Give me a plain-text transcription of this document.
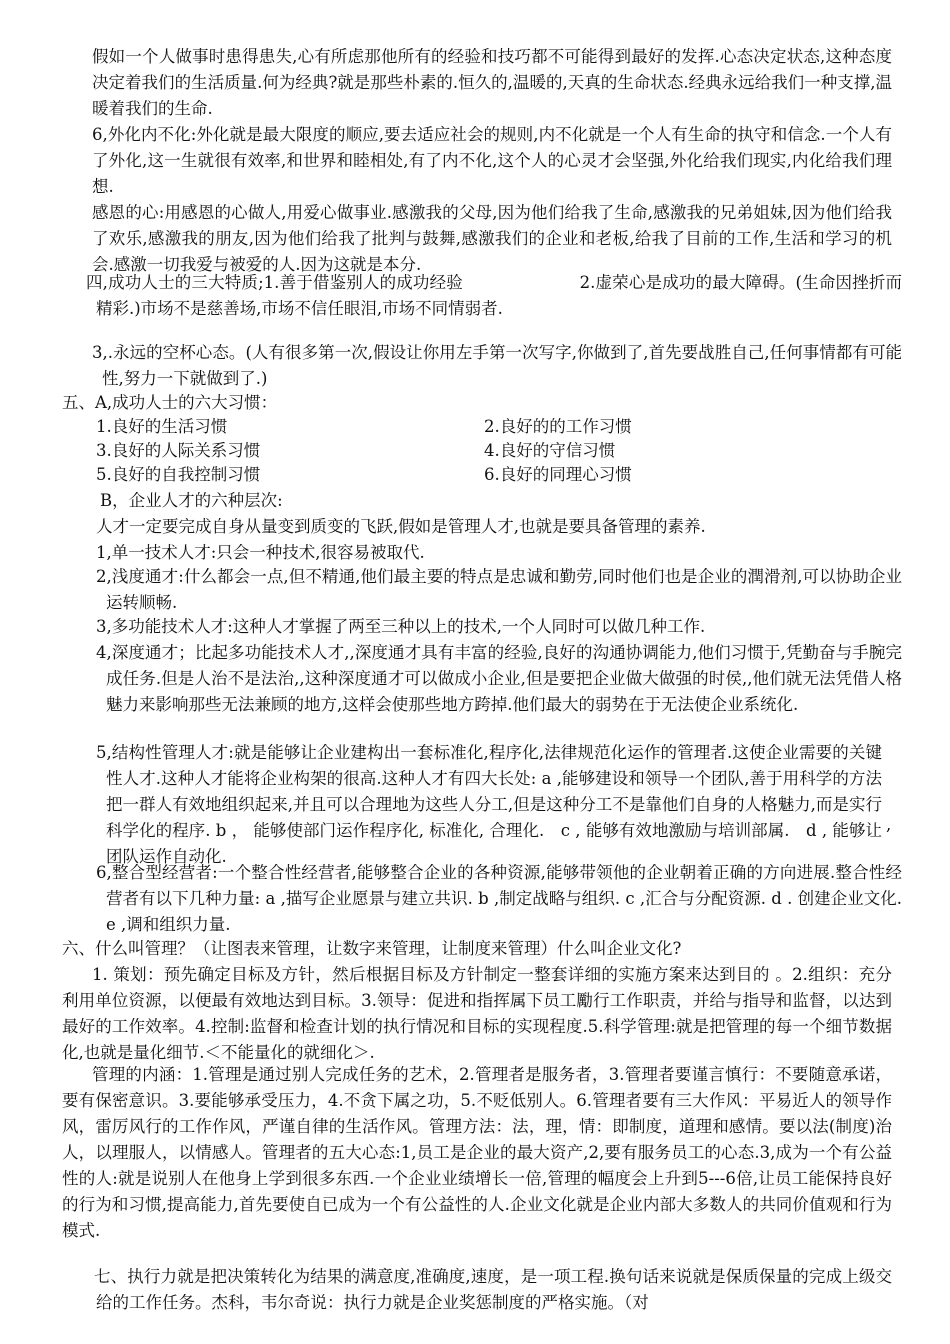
假如一个人做事时患得患失,心有所虑那他所有的经验和技巧都不可能得到最好的发挥.心态决定状态,这种态度决定着我们的生活质量.何为经典?就是那些朴素的.恒久的,温暖的,天真的生命状态.经典永远给我们一种支撑,温暖着我们的生命.

6,外化内不化:外化就是最大限度的顺应,要去适应社会的规则,内不化就是一个人有生命的执守和信念.一个人有了外化,这一生就很有效率,和世界和睦相处,有了内不化,这个人的心灵才会坚强,外化给我们现实,内化给我们理想.

感恩的心:用感恩的心做人,用爱心做事业.感激我的父母,因为他们给我了生命,感激我的兄弟姐妹,因为他们给我了欢乐,感激我的朋友,因为他们给我了批判与鼓舞,感激我们的企业和老板,给我了目前的工作,生活和学习的机会.感激一切我爱与被爱的人.因为这就是本分.

四,成功人士的三大特质;1.善于借鉴别人的成功经验　　　　　　　2.虚荣心是成功的最大障碍。(生命因挫折而精彩.)市场不是慈善场,市场不信任眼泪,市场不同情弱者.

3,.永远的空杯心态。(人有很多第一次,假设让你用左手第一次写字,你做到了,首先要战胜自己,任何事情都有可能性,努力一下就做到了.)

五、A,成功人士的六大习惯：
1.良好的生活习惯	2.良好的的工作习惯
3.良好的人际关系习惯	4.良好的守信习惯
5.良好的自我控制习惯	6.良好的同理心习惯
B，企业人才的六种层次:
人才一定要完成自身从量变到质变的飞跃,假如是管理人才,也就是要具备管理的素养.
1,单一技术人才:只会一种技术,很容易被取代.

2,浅度通才:什么都会一点,但不精通,他们最主要的特点是忠诚和勤劳,同时他们也是企业的潤滑剂,可以协助企业运转顺畅.

3,多功能技术人才:这种人才掌握了两至三种以上的技术,一个人同时可以做几种工作.

4,深度通才；比起多功能技术人才,,深度通才具有丰富的经验,良好的沟通协调能力,他们习惯于,凭勤奋与手腕完成任务.但是人治不是法治,,这种深度通才可以做成小企业,但是要把企业做大做强的时侯,,他们就无法凭借人格魅力来影响那些无法兼顾的地方,这样会使那些地方跨掉.他们最大的弱势在于无法使企业系统化.

5,结构性管理人才:就是能够让企业建构出一套标准化,程序化,法律规范化运作的管理者.这使企业需要的关键性人才.这种人才能将企业构架的很高.这种人才有四大长处: a ,能够建设和领导一个团队,善于用科学的方法把一群人有效地组织起来,并且可以合理地为这些人分工,但是这种分工不是靠他们自身的人格魅力,而是实行科学化的程序. b ， 能够使部门运作程序化, 标准化, 合理化.　c , 能够有效地激励与培训部属.　d , 能够让团队运作自动化.

,

6,整合型经营者:一个整合性经营者,能够整合企业的各种资源,能够带领他的企业朝着正确的方向进展.整合性经营者有以下几种力量: a ,描写企业愿景与建立共识. b ,制定战略与组织. c ,汇合与分配资源. d . 创建企业文化. e ,调和组织力量.

六、什么叫管理？（让图表来管理，让数字来管理，让制度来管理）什么叫企业文化?

1. 策划：预先确定目标及方针，然后根据目标及方针制定一整套详细的实施方案来达到目的 。2.组织：充分利用单位资源，以便最有效地达到目标。3.领导：促进和指挥属下员工勵行工作职责，并给与指导和监督，以达到最好的工作效率。4.控制:监督和检查计划的执行情况和目标的实现程度.5.科学管理:就是把管理的每一个细节数据化,也就是量化细节.＜不能量化的就细化＞.

管理的内涵：1.管理是通过别人完成任务的艺术，2.管理者是服务者，3.管理者要谨言慎行：不要随意承诺，要有保密意识。3.要能够承受压力，4.不贪下属之功，5.不贬低别人。6.管理者要有三大作风：平易近人的领导作风，雷厉风行的工作作风，严谨自律的生活作风。管理方法：法，理，情：即制度，道理和感情。要以法(制度)治人，以理服人，以情感人。管理者的五大心态:1,员工是企业的最大资产,2,要有服务员工的心态.3,成为一个有公益性的人:就是说别人在他身上学到很多东西.一个企业业绩增长一倍,管理的幅度会上升到5---6倍,让员工能保持良好的行为和习惯,提高能力,首先要使自已成为一个有公益性的人.企业文化就是企业内部大多数人的共同价值观和行为模式.

七、执行力就是把决策转化为结果的满意度,准确度,速度，是一项工程.换句话来说就是保质保量的完成上级交给的工作任务。杰科，韦尔奇说：执行力就是企业奖惩制度的严格实施。（对
